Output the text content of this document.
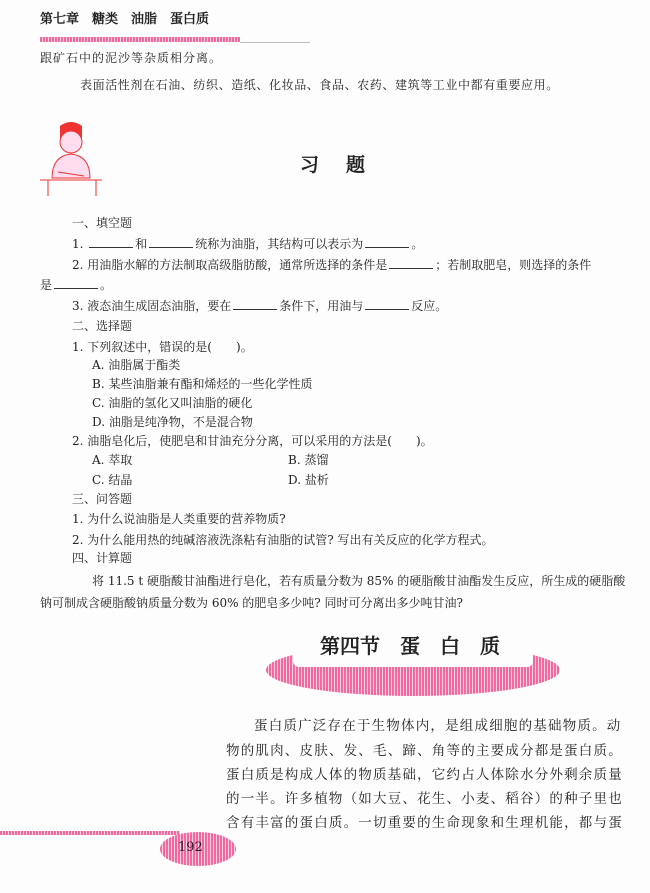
第七章　糖类　油脂　蛋白质
跟矿石中的泥沙等杂质相分离。
表面活性剂在石油、纺织、造纸、化妆品、食品、农药、建筑等工业中都有重要应用。
习　题
一、填空题
1.	和	统称为油脂，其结构可以表示为	。
2. 用油脂水解的方法制取高级脂肪酸，通常所选择的条件是	；若制取肥皂，则选择的条件
是	。
3. 液态油生成固态油脂，要在	条件下，用油与	反应。
二、选择题
1. 下列叙述中，错误的是(　　)。
A. 油脂属于酯类
B. 某些油脂兼有酯和烯烃的一些化学性质
C. 油脂的氢化又叫油脂的硬化
D. 油脂是纯净物，不是混合物
2. 油脂皂化后，使肥皂和甘油充分分离，可以采用的方法是(　　)。
A. 萃取	B. 蒸馏
C. 结晶	D. 盐析
三、问答题
1. 为什么说油脂是人类重要的营养物质?
2. 为什么能用热的纯碱溶液洗涤粘有油脂的试管? 写出有关反应的化学方程式。
四、计算题
将 11.5 t 硬脂酸甘油酯进行皂化，若有质量分数为 85% 的硬脂酸甘油酯发生反应，所生成的硬脂酸
钠可制成含硬脂酸钠质量分数为 60% 的肥皂多少吨? 同时可分离出多少吨甘油?
第四节　蛋　白　质
蛋白质广泛存在于生物体内，是组成细胞的基础物质。动
物的肌肉、皮肤、发、毛、蹄、角等的主要成分都是蛋白质。
蛋白质是构成人体的物质基础，它约占人体除水分外剩余质量
的一半。许多植物（如大豆、花生、小麦、稻谷）的种子里也
含有丰富的蛋白质。一切重要的生命现象和生理机能，都与蛋
192
